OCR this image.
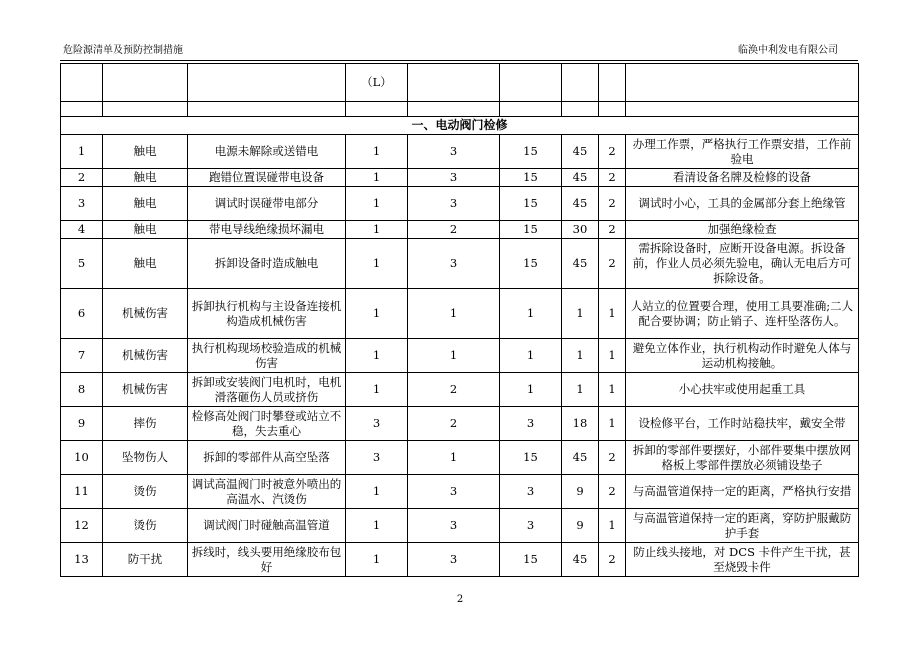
危险源清单及预防控制措施	临涣中利发电有限公司
			（L）					

一、电动阀门检修								
1	触电	电源未解除或送错电	1	3	15	45	2	办理工作票，严格执行工作票安措，工作前验电
2	触电	跑错位置误碰带电设备	1	3	15	45	2	看清设备名牌及检修的设备
3	触电	调试时误碰带电部分	1	3	15	45	2	调试时小心，工具的金属部分套上绝缘管
4	触电	带电导线绝缘损坏漏电	1	2	15	30	2	加强绝缘检查
5	触电	拆卸设备时造成触电	1	3	15	45	2	需拆除设备时，应断开设备电源。拆设备前，作业人员必须先验电，确认无电后方可拆除设备。
6	机械伤害	拆卸执行机构与主设备连接机构造成机械伤害	1	1	1	1	1	人站立的位置要合理，使用工具要准确;二人配合要协调；防止销子、连杆坠落伤人。
7	机械伤害	执行机构现场校验造成的机械伤害	1	1	1	1	1	避免立体作业，执行机构动作时避免人体与运动机构接触。
8	机械伤害	拆卸或安装阀门电机时，电机滑落砸伤人员或挤伤	1	2	1	1	1	小心扶牢或使用起重工具
9	摔伤	检修高处阀门时攀登或站立不稳，失去重心	3	2	3	18	1	设检修平台，工作时站稳扶牢，戴安全带
10	坠物伤人	拆卸的零部件从高空坠落	3	1	15	45	2	拆卸的零部件要摆好，小部件要集中摆放网格板上零部件摆放必须铺设垫子
11	烫伤	调试高温阀门时被意外喷出的高温水、汽烫伤	1	3	3	9	2	与高温管道保持一定的距离，严格执行安措
12	烫伤	调试阀门时碰触高温管道	1	3	3	9	1	与高温管道保持一定的距离，穿防护服戴防护手套
13	防干扰	拆线时，线头要用绝缘胶布包好	1	3	15	45	2	防止线头接地，对 DCS 卡件产生干扰，甚至烧毁卡件
2
